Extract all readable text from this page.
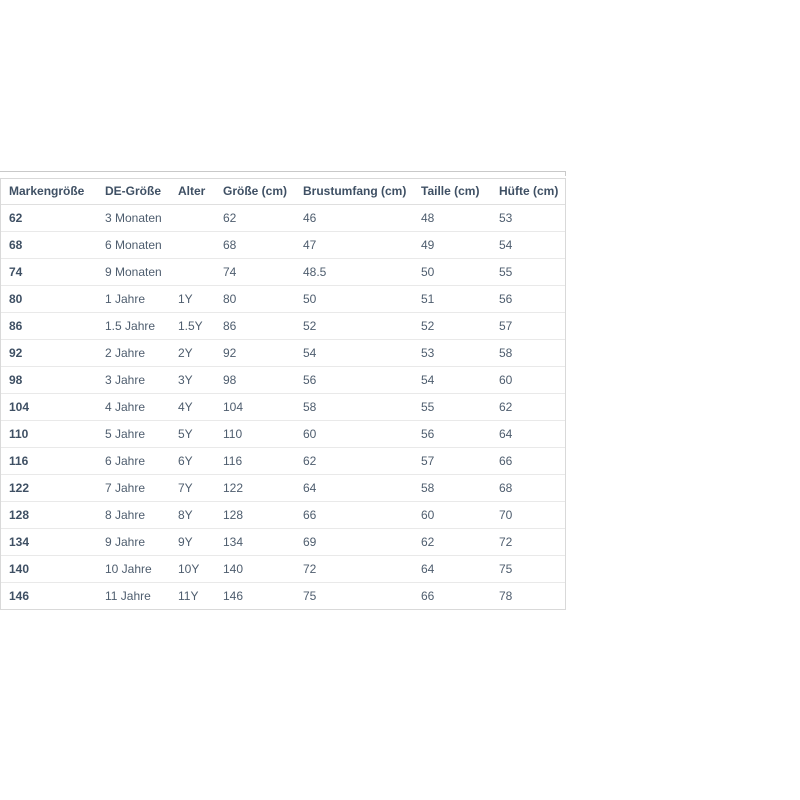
Markengröße	DE-Größe	Alter	Größe (cm)	Brustumfang (cm)	Taille (cm)	Hüfte (cm)
62	3 Monaten		62	46	48	53
68	6 Monaten		68	47	49	54
74	9 Monaten		74	48.5	50	55
80	1 Jahre	1Y	80	50	51	56
86	1.5 Jahre	1.5Y	86	52	52	57
92	2 Jahre	2Y	92	54	53	58
98	3 Jahre	3Y	98	56	54	60
104	4 Jahre	4Y	104	58	55	62
110	5 Jahre	5Y	110	60	56	64
116	6 Jahre	6Y	116	62	57	66
122	7 Jahre	7Y	122	64	58	68
128	8 Jahre	8Y	128	66	60	70
134	9 Jahre	9Y	134	69	62	72
140	10 Jahre	10Y	140	72	64	75
146	11 Jahre	11Y	146	75	66	78
